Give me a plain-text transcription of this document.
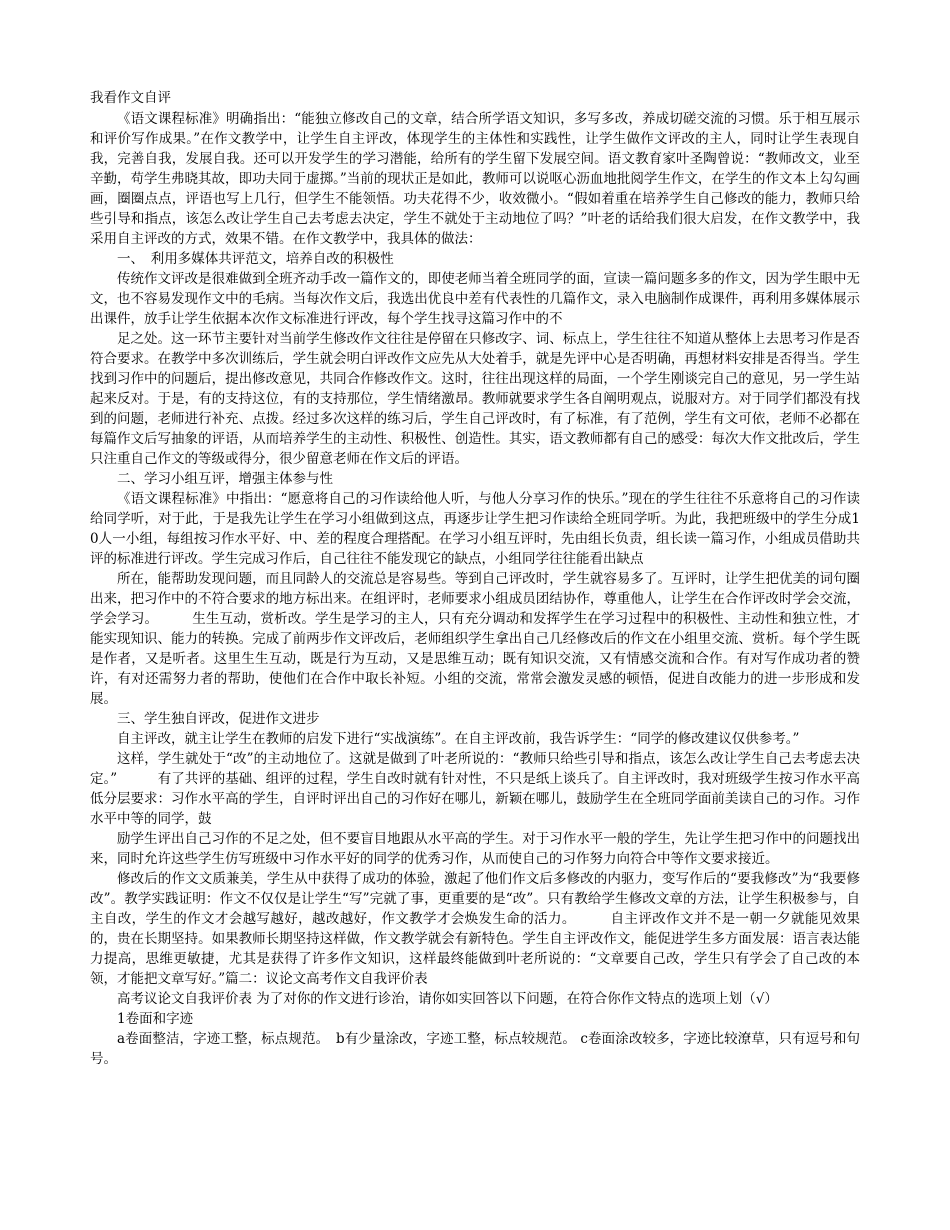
我看作文自评

《语文课程标准》明确指出：“能独立修改自己的文章，结合所学语文知识，多写多改，养成切磋交流的习惯。乐于相互展示和评价写作成果。”在作文教学中，让学生自主评改，体现学生的主体性和实践性，让学生做作文评改的主人，同时让学生表现自我，完善自我，发展自我。还可以开发学生的学习潜能，给所有的学生留下发展空间。语文教育家叶圣陶曾说：“教师改文，业至辛勤，苟学生弗晓其故，即功夫同于虚掷。”当前的现状正是如此，教师可以说呕心沥血地批阅学生作文，在学生的作文本上勾勾画画，圈圈点点，评语也写上几行，但学生不能领悟。功夫花得不少，收效微小。“假如着重在培养学生自己修改的能力，教师只给些引导和指点，该怎么改让学生自己去考虑去决定，学生不就处于主动地位了吗？”叶老的话给我们很大启发，在作文教学中，我采用自主评改的方式，效果不错。在作文教学中，我具体的做法：

一、　利用多媒体共评范文，培养自改的积极性

传统作文评改是很难做到全班齐动手改一篇作文的，即使老师当着全班同学的面，宣读一篇问题多多的作文，因为学生眼中无文，也不容易发现作文中的毛病。当每次作文后，我选出优良中差有代表性的几篇作文，录入电脑制作成课件，再利用多媒体展示出课件，放手让学生依据本次作文标准进行评改，每个学生找寻这篇习作中的不

足之处。这一环节主要针对当前学生修改作文往往是停留在只修改字、词、标点上，学生往往不知道从整体上去思考习作是否符合要求。在教学中多次训练后，学生就会明白评改作文应先从大处着手，就是先评中心是否明确，再想材料安排是否得当。学生找到习作中的问题后，提出修改意见，共同合作修改作文。这时，往往出现这样的局面，一个学生刚谈完自己的意见，另一学生站起来反对。于是，有的支持这位，有的支持那位，学生情绪激昂。教师就要求学生各自阐明观点，说服对方。对于同学们都没有找到的问题，老师进行补充、点拨。经过多次这样的练习后，学生自己评改时，有了标准，有了范例，学生有文可依，老师不必都在每篇作文后写抽象的评语，从而培养学生的主动性、积极性、创造性。其实，语文教师都有自己的感受：每次大作文批改后，学生只注重自己作文的等级或得分，很少留意老师在作文后的评语。

二、学习小组互评，增强主体参与性

《语文课程标准》中指出：“愿意将自己的习作读给他人听，与他人分享习作的快乐。”现在的学生往往不乐意将自己的习作读给同学听，对于此，于是我先让学生在学习小组做到这点，再逐步让学生把习作读给全班同学听。为此，我把班级中的学生分成10人一小组，每组按习作水平好、中、差的程度合理搭配。在学习小组互评时，先由组长负责，组长读一篇习作，小组成员借助共评的标准进行评改。学生完成习作后，自己往往不能发现它的缺点，小组同学往往能看出缺点

所在，能帮助发现问题，而且同龄人的交流总是容易些。等到自己评改时，学生就容易多了。互评时，让学生把优美的词句圈出来，把习作中的不符合要求的地方标出来。在组评时，老师要求小组成员团结协作，尊重他人，让学生在合作评改时学会交流，学会学习。　　　生生互动，赏析改。学生是学习的主人，只有充分调动和发挥学生在学习过程中的积极性、主动性和独立性，才能实现知识、能力的转换。完成了前两步作文评改后，老师组织学生拿出自己几经修改后的作文在小组里交流、赏析。每个学生既是作者，又是听者。这里生生互动，既是行为互动，又是思维互动；既有知识交流，又有情感交流和合作。有对写作成功者的赞许，有对还需努力者的帮助，使他们在合作中取长补短。小组的交流，常常会激发灵感的顿悟，促进自改能力的进一步形成和发展。

三、学生独自评改，促进作文进步

自主评改，就主让学生在教师的启发下进行“实战演练”。在自主评改前，我告诉学生：“同学的修改建议仅供参考。”

这样，学生就处于“改”的主动地位了。这就是做到了叶老所说的：“教师只给些引导和指点，该怎么改让学生自己去考虑去决定。”　　　有了共评的基础、组评的过程，学生自改时就有针对性，不只是纸上谈兵了。自主评改时，我对班级学生按习作水平高低分层要求：习作水平高的学生，自评时评出自己的习作好在哪儿，新颖在哪儿，鼓励学生在全班同学面前美读自己的习作。习作水平中等的同学，鼓

励学生评出自己习作的不足之处，但不要盲目地跟从水平高的学生。对于习作水平一般的学生，先让学生把习作中的问题找出来，同时允许这些学生仿写班级中习作水平好的同学的优秀习作，从而使自己的习作努力向符合中等作文要求接近。

修改后的作文文质兼美，学生从中获得了成功的体验，激起了他们作文后多修改的内驱力，变写作后的“要我修改”为“我要修改”。教学实践证明：作文不仅仅是让学生“写”完就了事，更重要的是“改”。只有教给学生修改文章的方法，让学生积极参与，自主自改，学生的作文才会越写越好，越改越好，作文教学才会焕发生命的活力。　　　自主评改作文并不是一朝一夕就能见效果的，贵在长期坚持。如果教师长期坚持这样做，作文教学就会有新特色。学生自主评改作文，能促进学生多方面发展：语言表达能力提高，思维更敏捷，尤其是获得了许多作文知识，这样最终能做到叶老所说的：“文章要自己改，学生只有学会了自己改的本领，才能把文章写好。”篇二：议论文高考作文自我评价表

高考议论文自我评价表 为了对你的作文进行诊治，请你如实回答以下问题，在符合你作文特点的选项上划（√）

1卷面和字迹

a卷面整洁，字迹工整，标点规范。　b有少量涂改，字迹工整，标点较规范。 c卷面涂改较多，字迹比较潦草，只有逗号和句号。
